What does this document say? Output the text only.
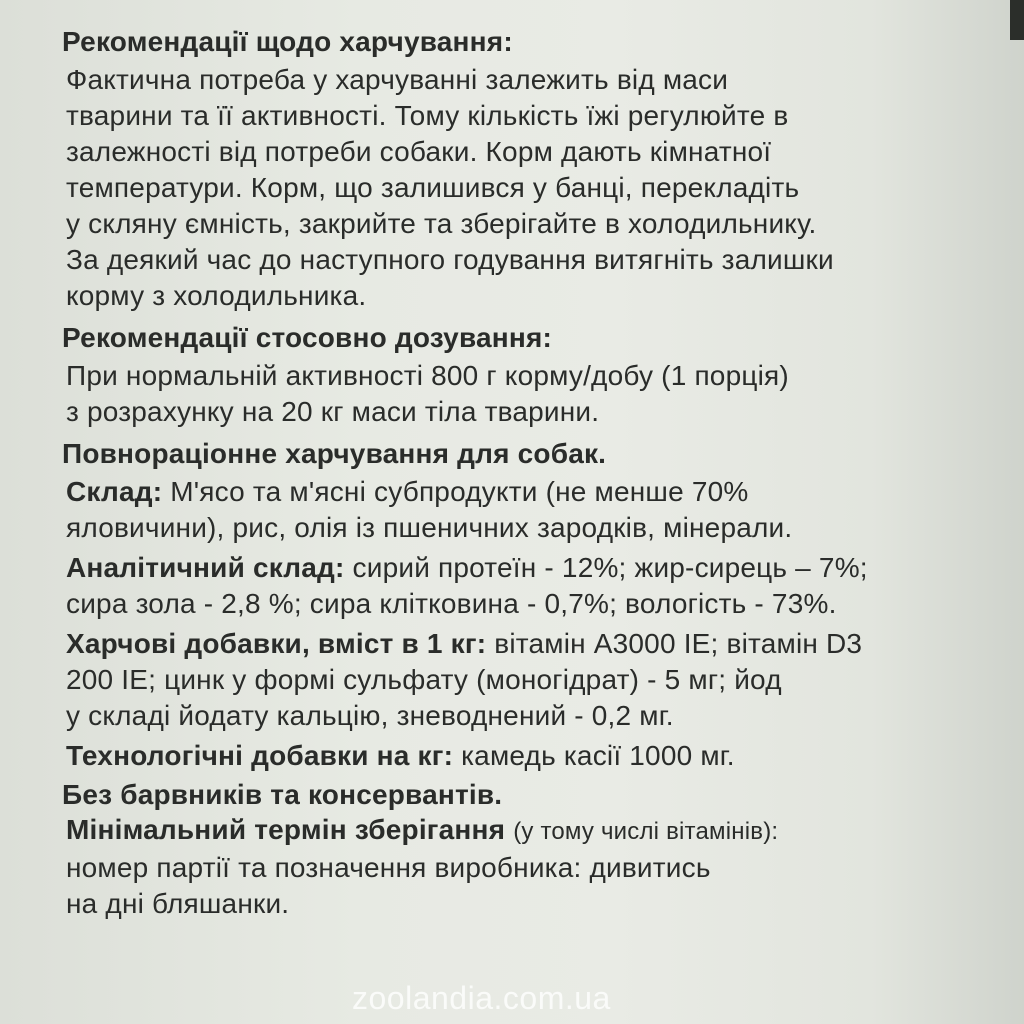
Рекомендації щодо харчування:

Фактична потреба у харчуванні залежить від маси
тварини та її активності. Тому кількість їжі регулюйте в
залежності від потреби собаки. Корм дають кімнатної
температури. Корм, що залишився у банці, перекладіть
у скляну ємність, закрийте та зберігайте в холодильнику.
За деякий час до наступного годування витягніть залишки
корму з холодильника.

Рекомендації стосовно дозування:

При нормальній активності 800 г корму/добу (1 порція)
з розрахунку на 20 кг маси тіла тварини.

Повнораціонне харчування для собак.

Склад: М'ясо та м'ясні субпродукти (не менше 70%
яловичини), рис, олія із пшеничних зародків, мінерали.
Аналітичний склад: сирий протеїн - 12%; жир-сирець – 7%;
сира зола - 2,8 %; сира клітковина - 0,7%; вологість - 73%.
Харчові добавки, вміст в 1 кг: вітамін А3000 IE; вітамін D3
200 IE; цинк у формі сульфату (моногідрат) - 5 мг; йод
у складі йодату кальцію, зневоднений - 0,2 мг.
Технологічні добавки на кг: камедь касії 1000 мг.

Без барвників та консервантів.

Мінімальний термін зберігання (у тому числі вітамінів):
номер партії та позначення виробника: дивитись
на дні бляшанки.
zoolandia.com.ua
